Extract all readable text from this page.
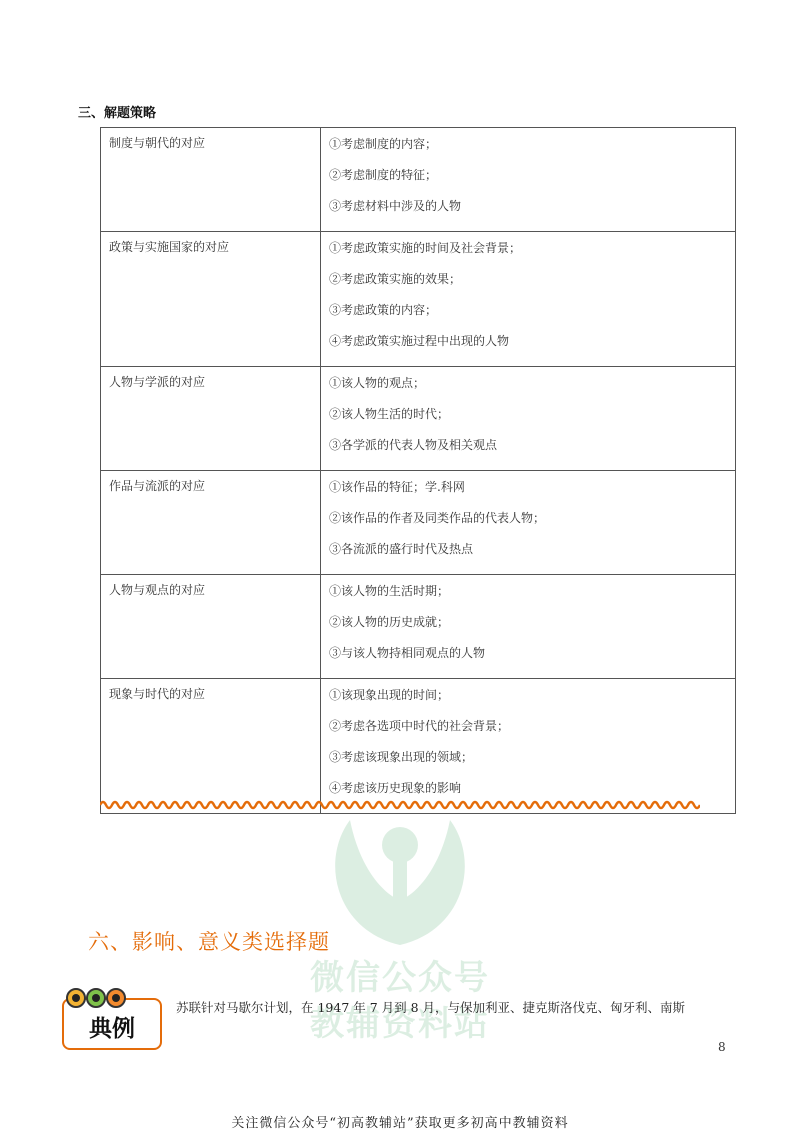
微信公众号
教辅资料站
三、解题策略
制度与朝代的对应	①考虑制度的内容；
②考虑制度的特征；
③考虑材料中涉及的人物

政策与实施国家的对应	①考虑政策实施的时间及社会背景；
②考虑政策实施的效果；
③考虑政策的内容；
④考虑政策实施过程中出现的人物

人物与学派的对应	①该人物的观点；
②该人物生活的时代；
③各学派的代表人物及相关观点

作品与流派的对应	①该作品的特征；学.科网
②该作品的作者及同类作品的代表人物；
③各流派的盛行时代及热点

人物与观点的对应	①该人物的生活时期；
②该人物的历史成就；
③与该人物持相同观点的人物

现象与时代的对应	①该现象出现的时间；
②考虑各选项中时代的社会背景；
③考虑该现象出现的领域；
④考虑该历史现象的影响
六、影响、意义类选择题
典例
苏联针对马歇尔计划，在 1947 年 7 月到 8 月，与保加利亚、捷克斯洛伐克、匈牙利、南斯
8
关注微信公众号“初高教辅站”获取更多初高中教辅资料
